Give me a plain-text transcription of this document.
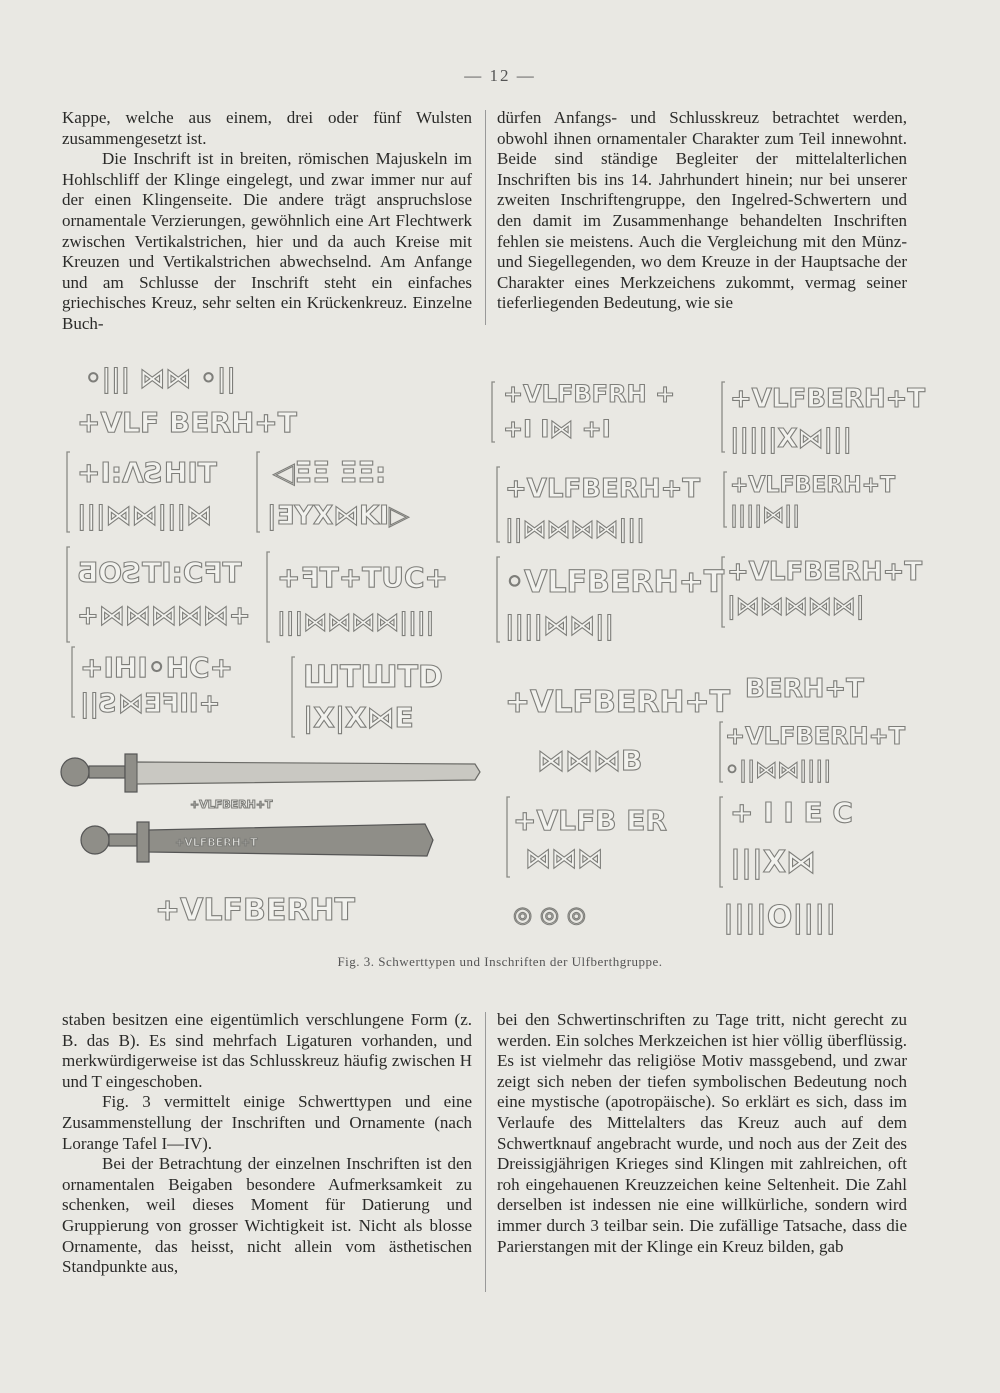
— 12 —

Kappe, welche aus einem, drei oder fünf Wulsten zusammengesetzt ist.

Die Inschrift ist in breiten, römischen Majuskeln im Hohlschliff der Klinge eingelegt, und zwar immer nur auf der einen Klingenseite. Die andere trägt anspruchslose ornamentale Verzierungen, gewöhnlich eine Art Flechtwerk zwischen Vertikalstrichen, hier und da auch Kreise mit Kreuzen und Vertikalstrichen abwechselnd. Am Anfange und am Schlusse der Inschrift steht ein einfaches griechisches Kreuz, sehr selten ein Krückenkreuz. Einzelne Buch-

dürfen Anfangs- und Schlusskreuz betrachtet werden, obwohl ihnen ornamentaler Charakter zum Teil innewohnt. Beide sind ständige Begleiter der mittelalterlichen Inschriften bis ins 14. Jahrhundert hinein; nur bei unserer zweiten Inschriftengruppe, den Ingelred-Schwertern und den damit im Zusammenhange behandelten Inschriften fehlen sie meistens. Auch die Vergleichung mit den Münz- und Siegellegenden, wo dem Kreuze in der Hauptsache der Charakter eines Merkzeichens zukommt, vermag seiner tieferliegenden Bedeutung, wie sie

◦||| ⋈⋈ ◦||
+VLF BERH+T
+I:ɅƧHIT ◁ΞΞ ΞΞ:
|||⋈⋈|||⋈ |ƎYX⋈KI▷
ƋOƧTI:CꟻT +ꟻT+TUC+
+⋈⋈⋈⋈⋈+ |||⋈⋈⋈⋈||||
+IHI◦HC+ ШTШTD
||Ƨ⋈ƎꟻII+	|X|X⋈E
+VLFBERH+T
+VLFBERH+T
+VLFBERHT
+VLFBFRH +
+I I⋈ +I
+VLFBERH+T
|||||X⋈|||
+VLFBERH+T
||⋈⋈⋈⋈|||
+VLFBERH+T
||||⋈||
◦VLFBERH+T
||||⋈⋈||
+VLFBERH+T
|⋈⋈⋈⋈⋈|
+VLFBERH+T BERH+T
⋈⋈⋈B
+VLFBERH+T
◦||⋈⋈||||
+VLFB ER
⋈⋈⋈
+ I I E C
|||X⋈
◎ ◎ ◎	||||O||||
Fig. 3. Schwerttypen und Inschriften der Ulfberthgruppe.

staben besitzen eine eigentümlich verschlungene Form (z. B. das B). Es sind mehrfach Ligaturen vorhanden, und merkwürdigerweise ist das Schlusskreuz häufig zwischen H und T eingeschoben.

Fig. 3 vermittelt einige Schwerttypen und eine Zusammenstellung der Inschriften und Ornamente (nach Lorange Tafel I—IV).

Bei der Betrachtung der einzelnen Inschriften ist den ornamentalen Beigaben besondere Aufmerksamkeit zu schenken, weil dieses Moment für Datierung und Gruppierung von grosser Wichtigkeit ist. Nicht als blosse Ornamente, das heisst, nicht allein vom ästhetischen Standpunkte aus,

bei den Schwertinschriften zu Tage tritt, nicht gerecht zu werden. Ein solches Merkzeichen ist hier völlig überflüssig. Es ist vielmehr das religiöse Motiv massgebend, und zwar zeigt sich neben der tiefen symbolischen Bedeutung noch eine mystische (apotropäische). So erklärt es sich, dass im Verlaufe des Mittelalters das Kreuz auch auf dem Schwertknauf angebracht wurde, und noch aus der Zeit des Dreissigjährigen Krieges sind Klingen mit zahlreichen, oft roh eingehauenen Kreuzzeichen keine Seltenheit. Die Zahl derselben ist indessen nie eine willkürliche, sondern wird immer durch 3 teilbar sein. Die zufällige Tatsache, dass die Parierstangen mit der Klinge ein Kreuz bilden, gab
